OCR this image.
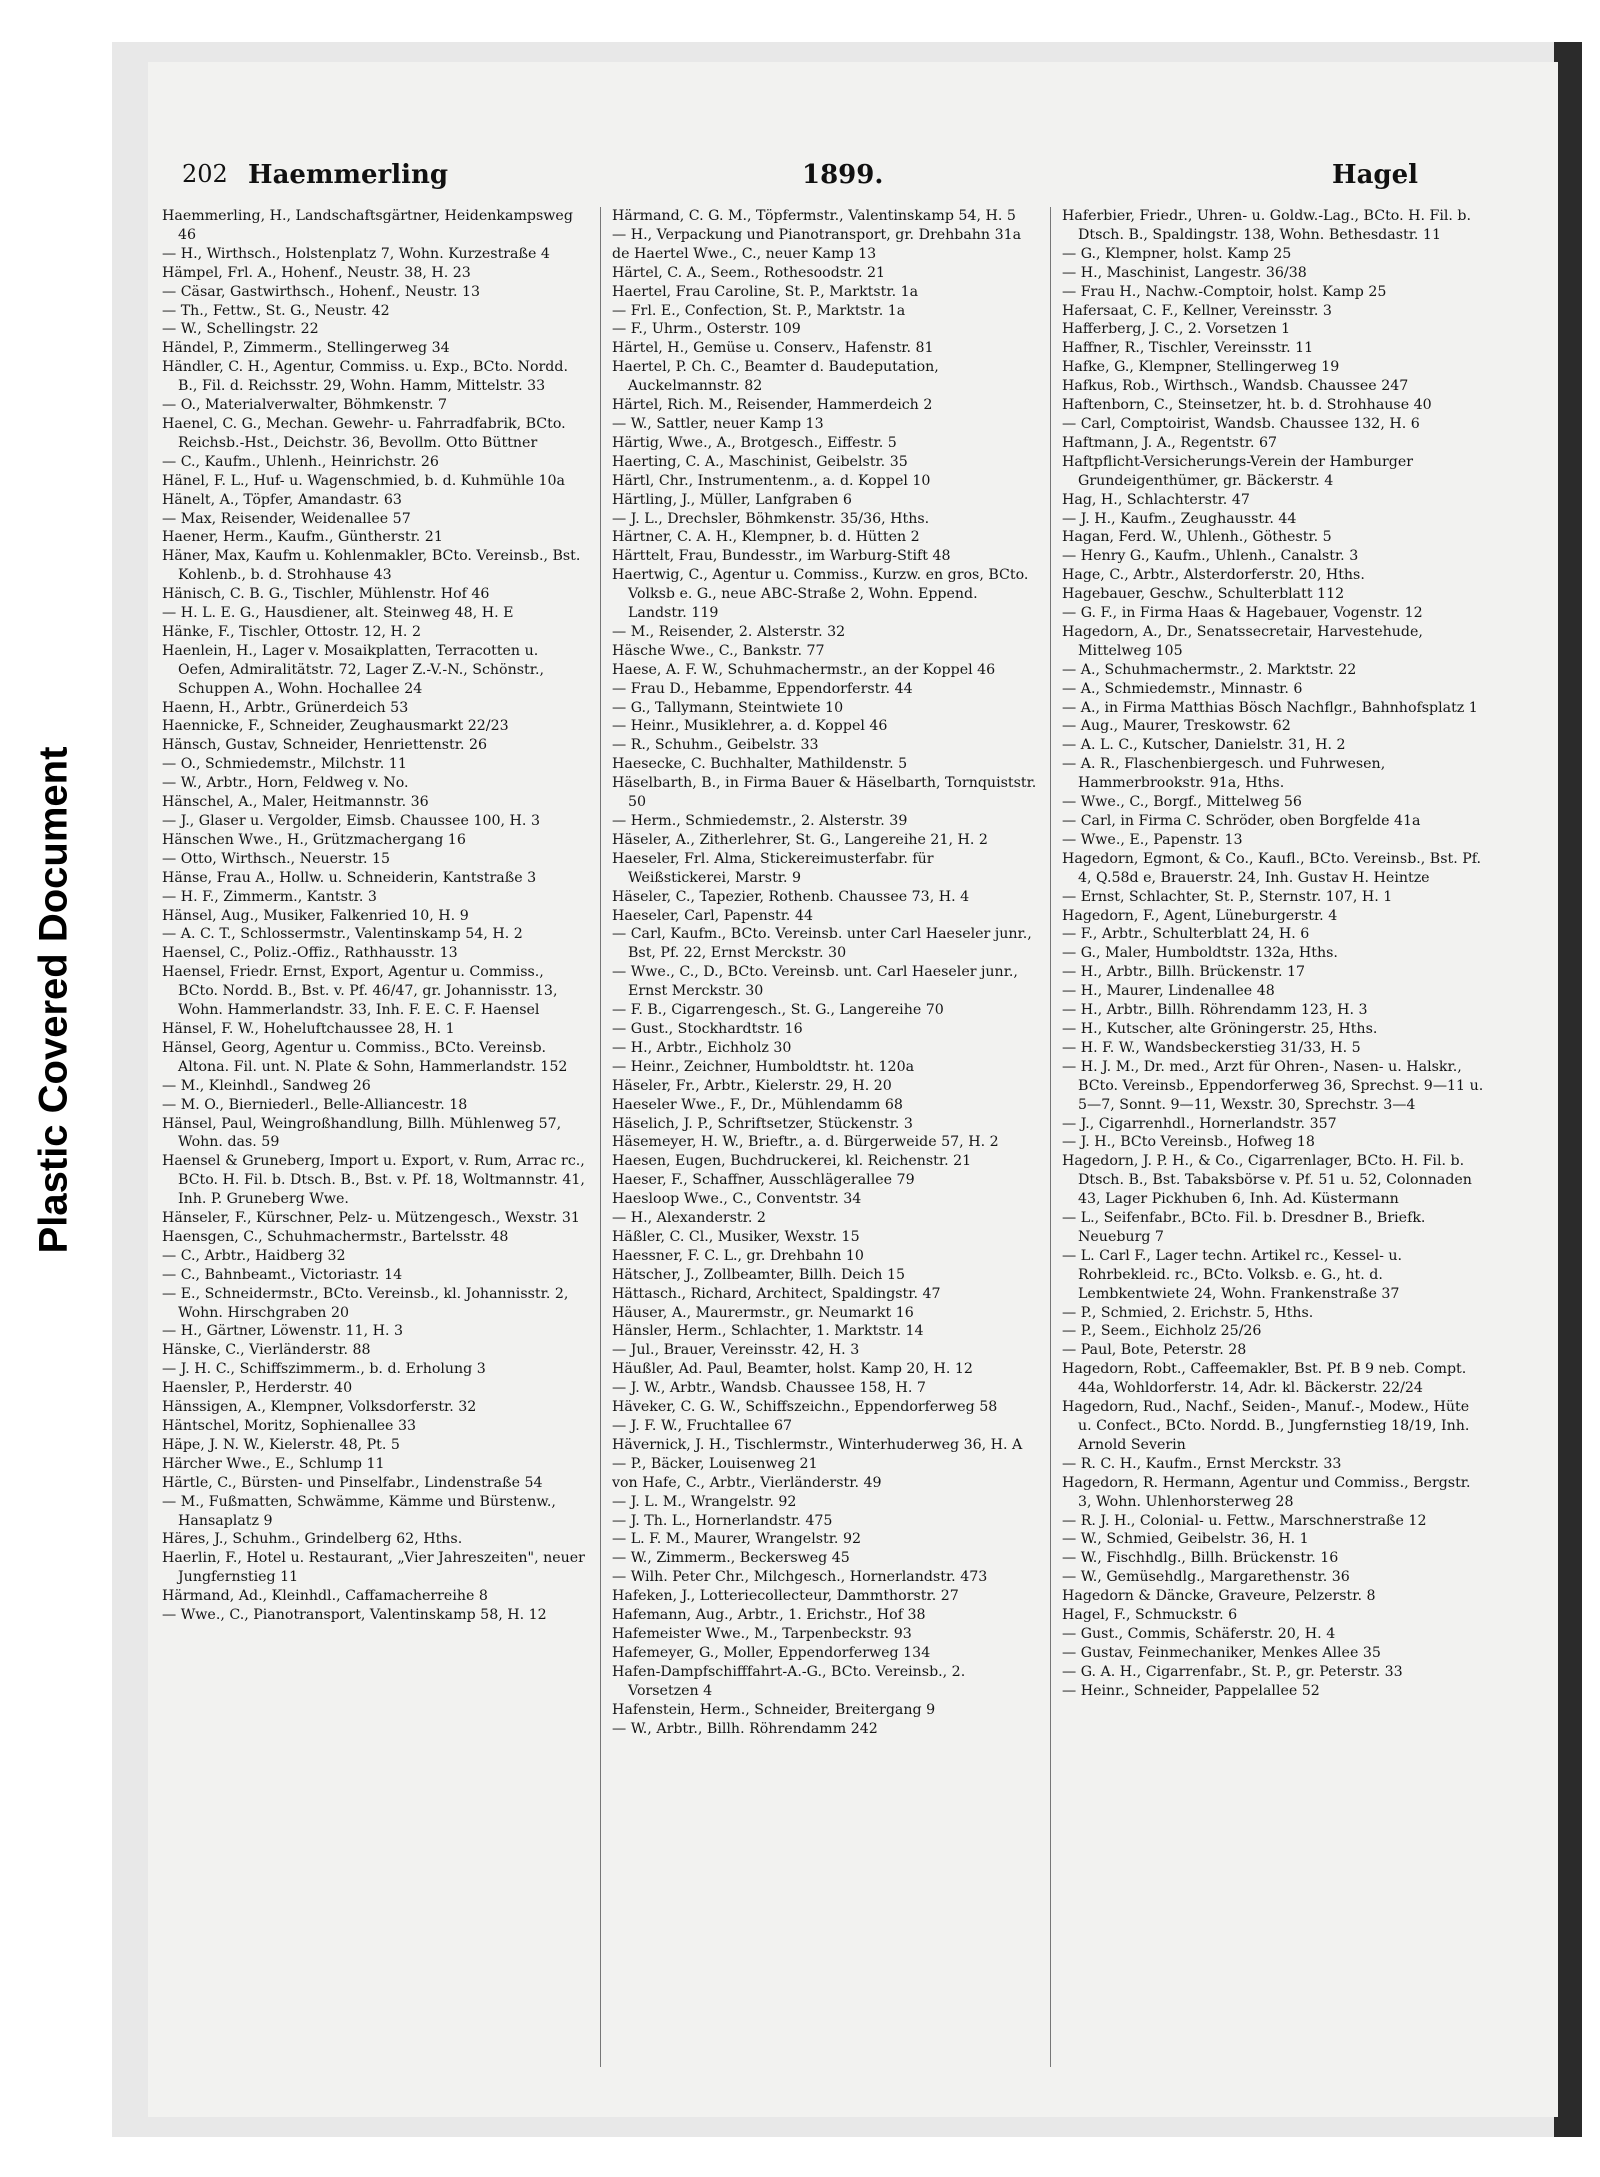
Plastic Covered Document
202 Haemmerling	1899.	Hagel

Haemmerling, H., Landschaftsgärtner, Heidenkampsweg 46

— H., Wirthsch., Holstenplatz 7, Wohn. Kurzestraße 4

Hämpel, Frl. A., Hohenf., Neustr. 38, H. 23

— Cäsar, Gastwirthsch., Hohenf., Neustr. 13

— Th., Fettw., St. G., Neustr. 42

— W., Schellingstr. 22

Händel, P., Zimmerm., Stellingerweg 34

Händler, C. H., Agentur, Commiss. u. Exp., BCto. Nordd. B., Fil. d. Reichsstr. 29, Wohn. Hamm, Mittelstr. 33

— O., Materialverwalter, Böhmkenstr. 7

Haenel, C. G., Mechan. Gewehr- u. Fahrradfabrik, BCto. Reichsb.-Hst., Deichstr. 36, Bevollm. Otto Büttner

— C., Kaufm., Uhlenh., Heinrichstr. 26

Hänel, F. L., Huf- u. Wagenschmied, b. d. Kuhmühle 10a

Hänelt, A., Töpfer, Amandastr. 63

— Max, Reisender, Weidenallee 57

Haener, Herm., Kaufm., Güntherstr. 21

Häner, Max, Kaufm u. Kohlenmakler, BCto. Vereinsb., Bst. Kohlenb., b. d. Strohhause 43

Hänisch, C. B. G., Tischler, Mühlenstr. Hof 46

— H. L. E. G., Hausdiener, alt. Steinweg 48, H. E

Hänke, F., Tischler, Ottostr. 12, H. 2

Haenlein, H., Lager v. Mosaikplatten, Terracotten u. Oefen, Admiralitätstr. 72, Lager Z.-V.-N., Schönstr., Schuppen A., Wohn. Hochallee 24

Haenn, H., Arbtr., Grünerdeich 53

Haennicke, F., Schneider, Zeughausmarkt 22/23

Hänsch, Gustav, Schneider, Henriettenstr. 26

— O., Schmiedemstr., Milchstr. 11

— W., Arbtr., Horn, Feldweg v. No.

Hänschel, A., Maler, Heitmannstr. 36

— J., Glaser u. Vergolder, Eimsb. Chaussee 100, H. 3

Hänschen Wwe., H., Grützmachergang 16

— Otto, Wirthsch., Neuerstr. 15

Hänse, Frau A., Hollw. u. Schneiderin, Kantstraße 3

— H. F., Zimmerm., Kantstr. 3

Hänsel, Aug., Musiker, Falkenried 10, H. 9

— A. C. T., Schlossermstr., Valentinskamp 54, H. 2

Haensel, C., Poliz.-Offiz., Rathhausstr. 13

Haensel, Friedr. Ernst, Export, Agentur u. Commiss., BCto. Nordd. B., Bst. v. Pf. 46/47, gr. Johannisstr. 13, Wohn. Hammerlandstr. 33, Inh. F. E. C. F. Haensel

Hänsel, F. W., Hoheluftchaussee 28, H. 1

Hänsel, Georg, Agentur u. Commiss., BCto. Vereinsb. Altona. Fil. unt. N. Plate & Sohn, Hammerlandstr. 152

— M., Kleinhdl., Sandweg 26

— M. O., Bierniederl., Belle-Alliancestr. 18

Hänsel, Paul, Weingroßhandlung, Billh. Mühlenweg 57, Wohn. das. 59

Haensel & Gruneberg, Import u. Export, v. Rum, Arrac rc., BCto. H. Fil. b. Dtsch. B., Bst. v. Pf. 18, Woltmannstr. 41, Inh. P. Gruneberg Wwe.

Hänseler, F., Kürschner, Pelz- u. Mützengesch., Wexstr. 31

Haensgen, C., Schuhmachermstr., Bartelsstr. 48

— C., Arbtr., Haidberg 32

— C., Bahnbeamt., Victoriastr. 14

— E., Schneidermstr., BCto. Vereinsb., kl. Johannisstr. 2, Wohn. Hirschgraben 20

— H., Gärtner, Löwenstr. 11, H. 3

Hänske, C., Vierländerstr. 88

— J. H. C., Schiffszimmerm., b. d. Erholung 3

Haensler, P., Herderstr. 40

Hänssigen, A., Klempner, Volksdorferstr. 32

Häntschel, Moritz, Sophienallee 33

Häpe, J. N. W., Kielerstr. 48, Pt. 5

Härcher Wwe., E., Schlump 11

Härtle, C., Bürsten- und Pinselfabr., Lindenstraße 54

— M., Fußmatten, Schwämme, Kämme und Bürstenw., Hansaplatz 9

Häres, J., Schuhm., Grindelberg 62, Hths.

Haerlin, F., Hotel u. Restaurant, „Vier Jahreszeiten", neuer Jungfernstieg 11

Härmand, Ad., Kleinhdl., Caffamacherreihe 8

— Wwe., C., Pianotransport, Valentinskamp 58, H. 12

Härmand, C. G. M., Töpfermstr., Valentinskamp 54, H. 5

— H., Verpackung und Pianotransport, gr. Drehbahn 31a

de Haertel Wwe., C., neuer Kamp 13

Härtel, C. A., Seem., Rothesoodstr. 21

Haertel, Frau Caroline, St. P., Marktstr. 1a

— Frl. E., Confection, St. P., Marktstr. 1a

— F., Uhrm., Osterstr. 109

Härtel, H., Gemüse u. Conserv., Hafenstr. 81

Haertel, P. Ch. C., Beamter d. Baudeputation, Auckelmannstr. 82

Härtel, Rich. M., Reisender, Hammerdeich 2

— W., Sattler, neuer Kamp 13

Härtig, Wwe., A., Brotgesch., Eiffestr. 5

Haerting, C. A., Maschinist, Geibelstr. 35

Härtl, Chr., Instrumentenm., a. d. Koppel 10

Härtling, J., Müller, Lanfgraben 6

— J. L., Drechsler, Böhmkenstr. 35/36, Hths.

Härtner, C. A. H., Klempner, b. d. Hütten 2

Härttelt, Frau, Bundesstr., im Warburg-Stift 48

Haertwig, C., Agentur u. Commiss., Kurzw. en gros, BCto. Volksb e. G., neue ABC-Straße 2, Wohn. Eppend. Landstr. 119

— M., Reisender, 2. Alsterstr. 32

Häsche Wwe., C., Bankstr. 77

Haese, A. F. W., Schuhmachermstr., an der Koppel 46

— Frau D., Hebamme, Eppendorferstr. 44

— G., Tallymann, Steintwiete 10

— Heinr., Musiklehrer, a. d. Koppel 46

— R., Schuhm., Geibelstr. 33

Haesecke, C. Buchhalter, Mathildenstr. 5

Häselbarth, B., in Firma Bauer & Häselbarth, Tornquiststr. 50

— Herm., Schmiedemstr., 2. Alsterstr. 39

Häseler, A., Zitherlehrer, St. G., Langereihe 21, H. 2

Haeseler, Frl. Alma, Stickereimusterfabr. für Weißstickerei, Marstr. 9

Häseler, C., Tapezier, Rothenb. Chaussee 73, H. 4

Haeseler, Carl, Papenstr. 44

— Carl, Kaufm., BCto. Vereinsb. unter Carl Haeseler junr., Bst, Pf. 22, Ernst Merckstr. 30

— Wwe., C., D., BCto. Vereinsb. unt. Carl Haeseler junr., Ernst Merckstr. 30

— F. B., Cigarrengesch., St. G., Langereihe 70

— Gust., Stockhardtstr. 16

— H., Arbtr., Eichholz 30

— Heinr., Zeichner, Humboldtstr. ht. 120a

Häseler, Fr., Arbtr., Kielerstr. 29, H. 20

Haeseler Wwe., F., Dr., Mühlendamm 68

Häselich, J. P., Schriftsetzer, Stückenstr. 3

Häsemeyer, H. W., Brieftr., a. d. Bürgerweide 57, H. 2

Haesen, Eugen, Buchdruckerei, kl. Reichenstr. 21

Haeser, F., Schaffner, Ausschlägerallee 79

Haesloop Wwe., C., Conventstr. 34

— H., Alexanderstr. 2

Häßler, C. Cl., Musiker, Wexstr. 15

Haessner, F. C. L., gr. Drehbahn 10

Hätscher, J., Zollbeamter, Billh. Deich 15

Hättasch., Richard, Architect, Spaldingstr. 47

Häuser, A., Maurermstr., gr. Neumarkt 16

Hänsler, Herm., Schlachter, 1. Marktstr. 14

— Jul., Brauer, Vereinsstr. 42, H. 3

Häußler, Ad. Paul, Beamter, holst. Kamp 20, H. 12

— J. W., Arbtr., Wandsb. Chaussee 158, H. 7

Häveker, C. G. W., Schiffszeichn., Eppendorferweg 58

— J. F. W., Fruchtallee 67

Hävernick, J. H., Tischlermstr., Winterhuderweg 36, H. A

— P., Bäcker, Louisenweg 21

von Hafe, C., Arbtr., Vierländerstr. 49

— J. L. M., Wrangelstr. 92

— J. Th. L., Hornerlandstr. 475

— L. F. M., Maurer, Wrangelstr. 92

— W., Zimmerm., Beckersweg 45

— Wilh. Peter Chr., Milchgesch., Hornerlandstr. 473

Hafeken, J., Lotteriecollecteur, Dammthorstr. 27

Hafemann, Aug., Arbtr., 1. Erichstr., Hof 38

Hafemeister Wwe., M., Tarpenbeckstr. 93

Hafemeyer, G., Moller, Eppendorferweg 134

Hafen-Dampfschifffahrt-A.-G., BCto. Vereinsb., 2. Vorsetzen 4

Hafenstein, Herm., Schneider, Breitergang 9

— W., Arbtr., Billh. Röhrendamm 242

Haferbier, Friedr., Uhren- u. Goldw.-Lag., BCto. H. Fil. b. Dtsch. B., Spaldingstr. 138, Wohn. Bethesdastr. 11

— G., Klempner, holst. Kamp 25

— H., Maschinist, Langestr. 36/38

— Frau H., Nachw.-Comptoir, holst. Kamp 25

Hafersaat, C. F., Kellner, Vereinsstr. 3

Hafferberg, J. C., 2. Vorsetzen 1

Haffner, R., Tischler, Vereinsstr. 11

Hafke, G., Klempner, Stellingerweg 19

Hafkus, Rob., Wirthsch., Wandsb. Chaussee 247

Haftenborn, C., Steinsetzer, ht. b. d. Strohhause 40

— Carl, Comptoirist, Wandsb. Chaussee 132, H. 6

Haftmann, J. A., Regentstr. 67

Haftpflicht-Versicherungs-Verein der Hamburger Grundeigenthümer, gr. Bäckerstr. 4

Hag, H., Schlachterstr. 47

— J. H., Kaufm., Zeughausstr. 44

Hagan, Ferd. W., Uhlenh., Göthestr. 5

— Henry G., Kaufm., Uhlenh., Canalstr. 3

Hage, C., Arbtr., Alsterdorferstr. 20, Hths.

Hagebauer, Geschw., Schulterblatt 112

— G. F., in Firma Haas & Hagebauer, Vogenstr. 12

Hagedorn, A., Dr., Senatssecretair, Harvestehude, Mittelweg 105

— A., Schuhmachermstr., 2. Marktstr. 22

— A., Schmiedemstr., Minnastr. 6

— A., in Firma Matthias Bösch Nachflgr., Bahnhofsplatz 1

— Aug., Maurer, Treskowstr. 62

— A. L. C., Kutscher, Danielstr. 31, H. 2

— A. R., Flaschenbiergesch. und Fuhrwesen, Hammerbrookstr. 91a, Hths.

— Wwe., C., Borgf., Mittelweg 56

— Carl, in Firma C. Schröder, oben Borgfelde 41a

— Wwe., E., Papenstr. 13

Hagedorn, Egmont, & Co., Kaufl., BCto. Vereinsb., Bst. Pf. 4, Q.58d e, Brauerstr. 24, Inh. Gustav H. Heintze

— Ernst, Schlachter, St. P., Sternstr. 107, H. 1

Hagedorn, F., Agent, Lüneburgerstr. 4

— F., Arbtr., Schulterblatt 24, H. 6

— G., Maler, Humboldtstr. 132a, Hths.

— H., Arbtr., Billh. Brückenstr. 17

— H., Maurer, Lindenallee 48

— H., Arbtr., Billh. Röhrendamm 123, H. 3

— H., Kutscher, alte Gröningerstr. 25, Hths.

— H. F. W., Wandsbeckerstieg 31/33, H. 5

— H. J. M., Dr. med., Arzt für Ohren-, Nasen- u. Halskr., BCto. Vereinsb., Eppendorferweg 36, Sprechst. 9—11 u. 5—7, Sonnt. 9—11, Wexstr. 30, Sprechstr. 3—4

— J., Cigarrenhdl., Hornerlandstr. 357

— J. H., BCto Vereinsb., Hofweg 18

Hagedorn, J. P. H., & Co., Cigarrenlager, BCto. H. Fil. b. Dtsch. B., Bst. Tabaksbörse v. Pf. 51 u. 52, Colonnaden 43, Lager Pickhuben 6, Inh. Ad. Küstermann

— L., Seifenfabr., BCto. Fil. b. Dresdner B., Briefk. Neueburg 7

— L. Carl F., Lager techn. Artikel rc., Kessel- u. Rohrbekleid. rc., BCto. Volksb. e. G., ht. d. Lembkentwiete 24, Wohn. Frankenstraße 37

— P., Schmied, 2. Erichstr. 5, Hths.

— P., Seem., Eichholz 25/26

— Paul, Bote, Peterstr. 28

Hagedorn, Robt., Caffeemakler, Bst. Pf. B 9 neb. Compt. 44a, Wohldorferstr. 14, Adr. kl. Bäckerstr. 22/24

Hagedorn, Rud., Nachf., Seiden-, Manuf.-, Modew., Hüte u. Confect., BCto. Nordd. B., Jungfernstieg 18/19, Inh. Arnold Severin

— R. C. H., Kaufm., Ernst Merckstr. 33

Hagedorn, R. Hermann, Agentur und Commiss., Bergstr. 3, Wohn. Uhlenhorsterweg 28

— R. J. H., Colonial- u. Fettw., Marschnerstraße 12

— W., Schmied, Geibelstr. 36, H. 1

— W., Fischhdlg., Billh. Brückenstr. 16

— W., Gemüsehdlg., Margarethenstr. 36

Hagedorn & Däncke, Graveure, Pelzerstr. 8

Hagel, F., Schmuckstr. 6

— Gust., Commis, Schäferstr. 20, H. 4

— Gustav, Feinmechaniker, Menkes Allee 35

— G. A. H., Cigarrenfabr., St. P., gr. Peterstr. 33

— Heinr., Schneider, Pappelallee 52
